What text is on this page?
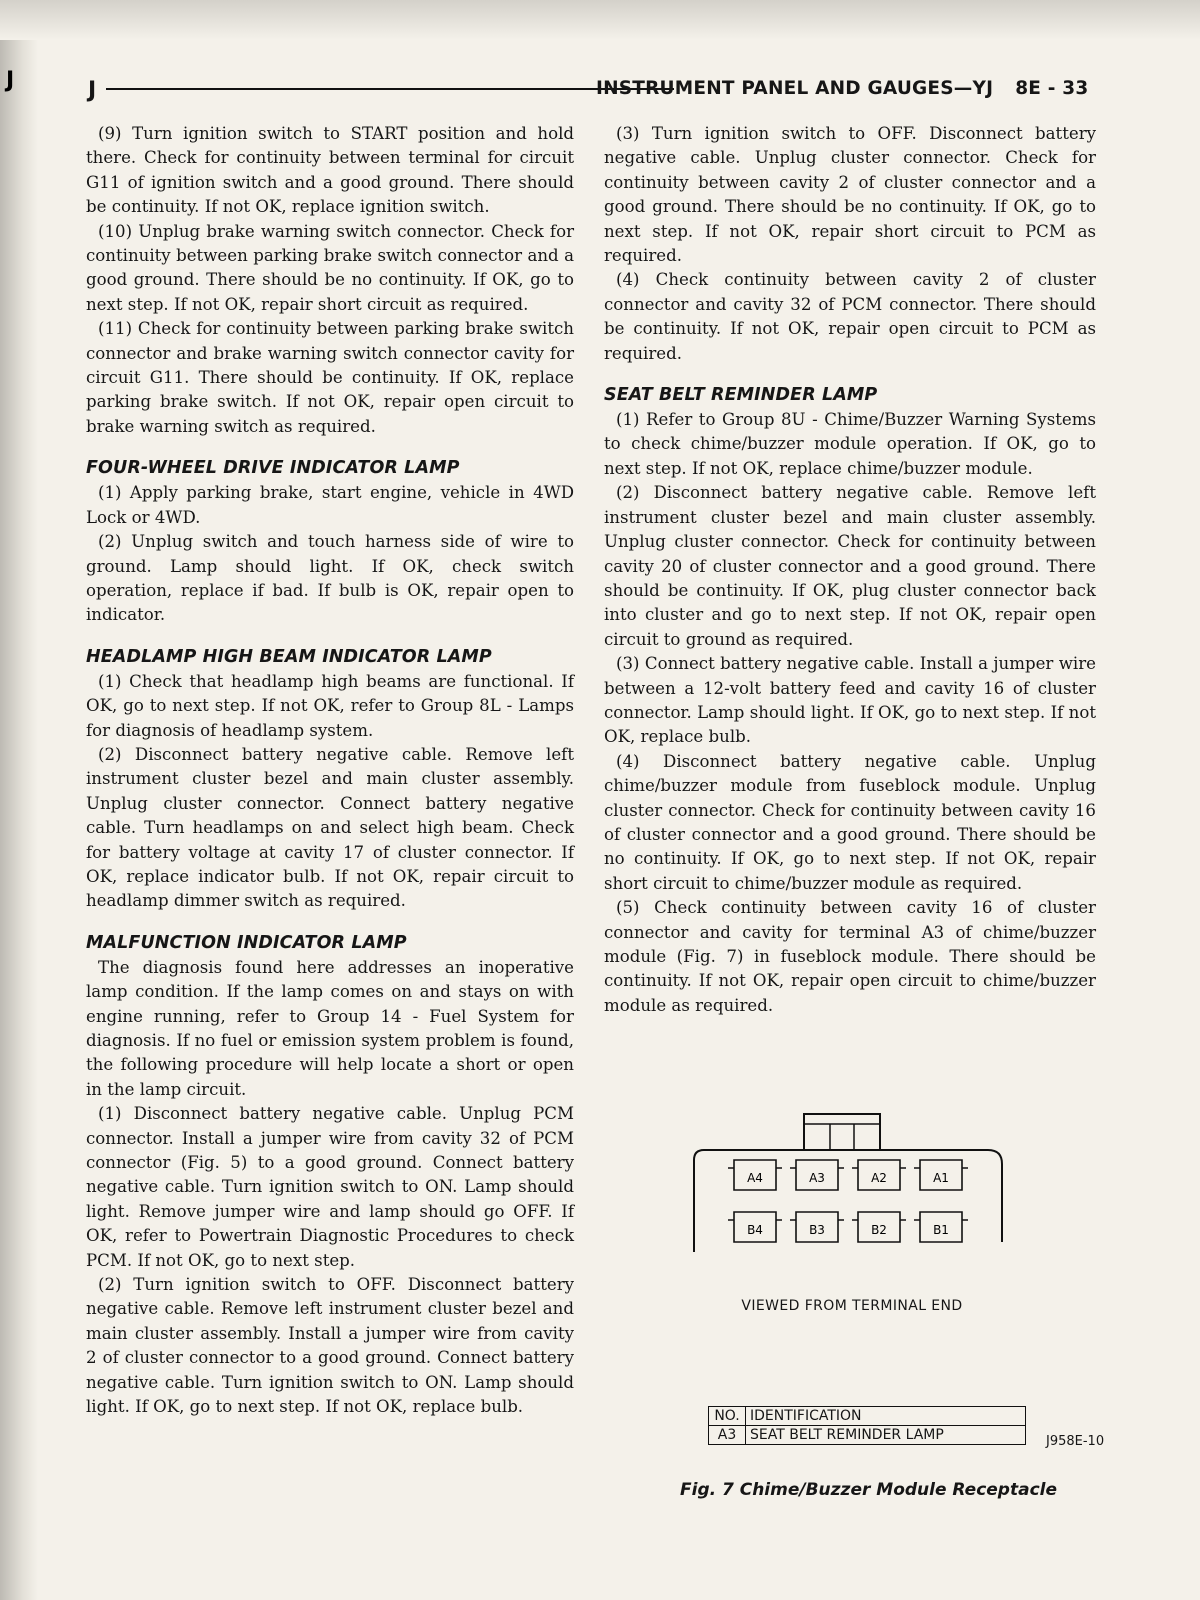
J	J	INSTRUMENT PANEL AND GAUGES—YJ 8E - 33

(9) Turn ignition switch to START position and hold there. Check for continuity between terminal for circuit G11 of ignition switch and a good ground. There should be continuity. If not OK, replace ignition switch.

(10) Unplug brake warning switch connector. Check for continuity between parking brake switch connector and a good ground. There should be no continuity. If OK, go to next step. If not OK, repair short circuit as required.

(11) Check for continuity between parking brake switch connector and brake warning switch connector cavity for circuit G11. There should be continuity. If OK, replace parking brake switch. If not OK, repair open circuit to brake warning switch as required.

FOUR-WHEEL DRIVE INDICATOR LAMP

(1) Apply parking brake, start engine, vehicle in 4WD Lock or 4WD.

(2) Unplug switch and touch harness side of wire to ground. Lamp should light. If OK, check switch operation, replace if bad. If bulb is OK, repair open to indicator.

HEADLAMP HIGH BEAM INDICATOR LAMP

(1) Check that headlamp high beams are functional. If OK, go to next step. If not OK, refer to Group 8L - Lamps for diagnosis of headlamp system.

(2) Disconnect battery negative cable. Remove left instrument cluster bezel and main cluster assembly. Unplug cluster connector. Connect battery negative cable. Turn headlamps on and select high beam. Check for battery voltage at cavity 17 of cluster connector. If OK, replace indicator bulb. If not OK, repair circuit to headlamp dimmer switch as required.

MALFUNCTION INDICATOR LAMP

The diagnosis found here addresses an inoperative lamp condition. If the lamp comes on and stays on with engine running, refer to Group 14 - Fuel System for diagnosis. If no fuel or emission system problem is found, the following procedure will help locate a short or open in the lamp circuit.

(1) Disconnect battery negative cable. Unplug PCM connector. Install a jumper wire from cavity 32 of PCM connector (Fig. 5) to a good ground. Connect battery negative cable. Turn ignition switch to ON. Lamp should light. Remove jumper wire and lamp should go OFF. If OK, refer to Powertrain Diagnostic Procedures to check PCM. If not OK, go to next step.

(2) Turn ignition switch to OFF. Disconnect battery negative cable. Remove left instrument cluster bezel and main cluster assembly. Install a jumper wire from cavity 2 of cluster connector to a good ground. Connect battery negative cable. Turn ignition switch to ON. Lamp should light. If OK, go to next step. If not OK, replace bulb.

(3) Turn ignition switch to OFF. Disconnect battery negative cable. Unplug cluster connector. Check for continuity between cavity 2 of cluster connector and a good ground. There should be no continuity. If OK, go to next step. If not OK, repair short circuit to PCM as required.

(4) Check continuity between cavity 2 of cluster connector and cavity 32 of PCM connector. There should be continuity. If not OK, repair open circuit to PCM as required.

SEAT BELT REMINDER LAMP

(1) Refer to Group 8U - Chime/Buzzer Warning Systems to check chime/buzzer module operation. If OK, go to next step. If not OK, replace chime/buzzer module.

(2) Disconnect battery negative cable. Remove left instrument cluster bezel and main cluster assembly. Unplug cluster connector. Check for continuity between cavity 20 of cluster connector and a good ground. There should be continuity. If OK, plug cluster connector back into cluster and go to next step. If not OK, repair open circuit to ground as required.

(3) Connect battery negative cable. Install a jumper wire between a 12-volt battery feed and cavity 16 of cluster connector. Lamp should light. If OK, go to next step. If not OK, replace bulb.

(4) Disconnect battery negative cable. Unplug chime/buzzer module from fuseblock module. Unplug cluster connector. Check for continuity between cavity 16 of cluster connector and a good ground. There should be no continuity. If OK, go to next step. If not OK, repair short circuit to chime/buzzer module as required.

(5) Check continuity between cavity 16 of cluster connector and cavity for terminal A3 of chime/buzzer module (Fig. 7) in fuseblock module. There should be continuity. If not OK, repair open circuit to chime/buzzer module as required.

A4	A3	A2	A1
B4	B3	B2	B1
VIEWED FROM TERMINAL END
NO.	IDENTIFICATION
A3	SEAT BELT REMINDER LAMP	J958E-10
Fig. 7 Chime/Buzzer Module Receptacle
